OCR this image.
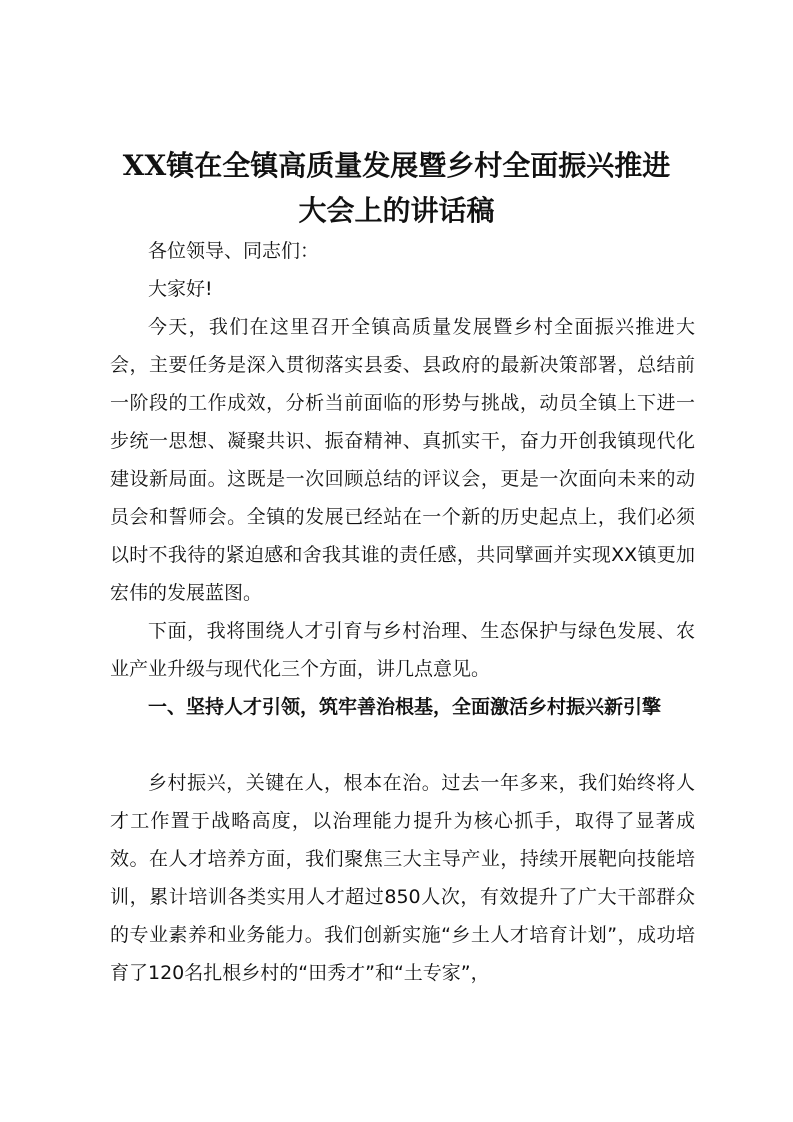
XX镇在全镇高质量发展暨乡村全面振兴推进
大会上的讲话稿

各位领导、同志们：

大家好!

今天，我们在这里召开全镇高质量发展暨乡村全面振兴推进大会，主要任务是深入贯彻落实县委、县政府的最新决策部署，总结前一阶段的工作成效，分析当前面临的形势与挑战，动员全镇上下进一步统一思想、凝聚共识、振奋精神、真抓实干，奋力开创我镇现代化建设新局面。这既是一次回顾总结的评议会，更是一次面向未来的动员会和誓师会。全镇的发展已经站在一个新的历史起点上，我们必须以时不我待的紧迫感和舍我其谁的责任感，共同擘画并实现XX镇更加宏伟的发展蓝图。

下面，我将围绕人才引育与乡村治理、生态保护与绿色发展、农业产业升级与现代化三个方面，讲几点意见。

一、坚持人才引领，筑牢善治根基，全面激活乡村振兴新引擎

乡村振兴，关键在人，根本在治。过去一年多来，我们始终将人才工作置于战略高度，以治理能力提升为核心抓手，取得了显著成效。在人才培养方面，我们聚焦三大主导产业，持续开展靶向技能培训，累计培训各类实用人才超过850人次，有效提升了广大干部群众的专业素养和业务能力。我们创新实施“乡土人才培育计划”，成功培育了120名扎根乡村的“田秀才”和“土专家”，
